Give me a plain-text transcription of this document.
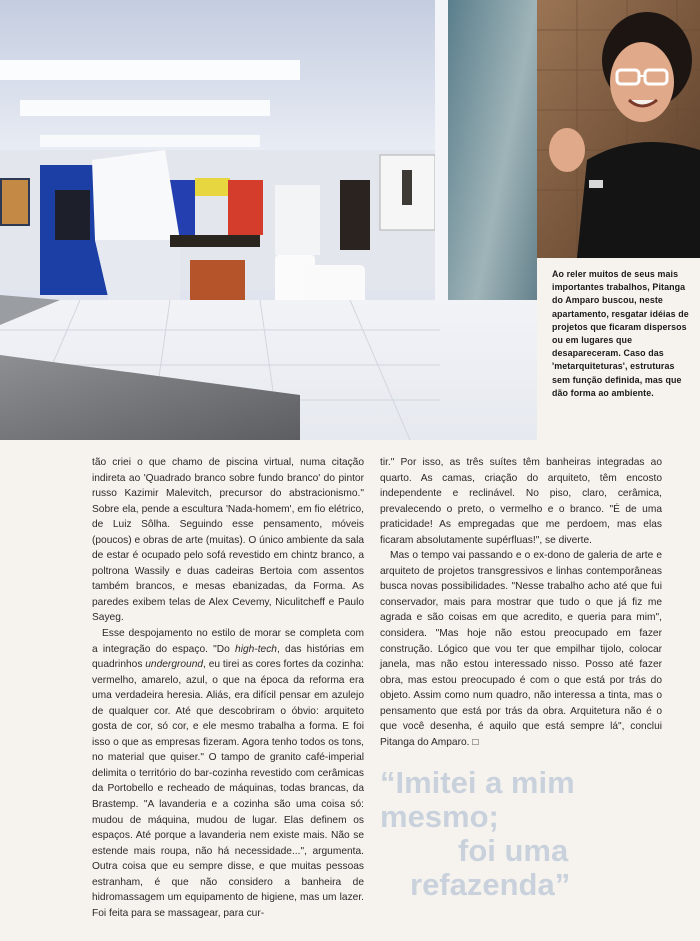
Ao reler muitos de seus mais importantes trabalhos, Pitanga do Amparo buscou, neste apartamento, resgatar idéias de projetos que ficaram dispersos ou em lugares que desapareceram. Caso das 'metarquiteturas', estruturas sem função definida, mas que dão forma ao ambiente.

tão criei o que chamo de piscina virtual, numa citação indireta ao 'Quadrado branco sobre fundo branco' do pintor russo Kazimir Malevitch, precursor do abstracionismo." Sobre ela, pende a escultura 'Nada-homem', em fio elétrico, de Luiz Sôlha. Seguindo esse pensamento, móveis (poucos) e obras de arte (muitas). O único ambiente da sala de estar é ocupado pelo sofá revestido em chintz branco, a poltrona Wassily e duas cadeiras Bertoia com assentos também brancos, e mesas ebanizadas, da Forma. As paredes exibem telas de Alex Cevemy, Niculitcheff e Paulo Sayeg.

Esse despojamento no estilo de morar se completa com a integração do espaço. "Do high-tech, das histórias em quadrinhos underground, eu tirei as cores fortes da cozinha: vermelho, amarelo, azul, o que na época da reforma era uma verdadeira heresia. Aliás, era difícil pensar em azulejo de qualquer cor. Até que descobriram o óbvio: arquiteto gosta de cor, só cor, e ele mesmo trabalha a forma. E foi isso o que as empresas fizeram. Agora tenho todos os tons, no material que quiser." O tampo de granito café-imperial delimita o território do bar-cozinha revestido com cerâmicas da Portobello e recheado de máquinas, todas brancas, da Brastemp. "A lavanderia e a cozinha são uma coisa só: mudou de máquina, mudou de lugar. Elas definem os espaços. Até porque a lavanderia nem existe mais. Não se estende mais roupa, não há necessidade...", argumenta. Outra coisa que eu sempre disse, e que muitas pessoas estranham, é que não considero a banheira de hidromassagem um equipamento de higiene, mas um lazer. Foi feita para se massagear, para cur-

tir." Por isso, as três suítes têm banheiras integradas ao quarto. As camas, criação do arquiteto, têm encosto independente e reclinável. No piso, claro, cerâmica, prevalecendo o preto, o vermelho e o branco. "É de uma praticidade! As empregadas que me perdoem, mas elas ficaram absolutamente supérfluas!", se diverte.

Mas o tempo vai passando e o ex-dono de galeria de arte e arquiteto de projetos transgressivos e linhas contemporâneas busca novas possibilidades. "Nesse trabalho acho até que fui conservador, mais para mostrar que tudo o que já fiz me agrada e são coisas em que acredito, e queria para mim", considera. "Mas hoje não estou preocupado em fazer construção. Lógico que vou ter que empilhar tijolo, colocar janela, mas não estou interessado nisso. Posso até fazer obra, mas estou preocupado é com o que está por trás do objeto. Assim como num quadro, não interessa a tinta, mas o pensamento que está por trás da obra. Arquitetura não é o que você desenha, é aquilo que está sempre lá", conclui Pitanga do Amparo. □

“Imitei a mim
mesmo;
foi uma
refazenda”
